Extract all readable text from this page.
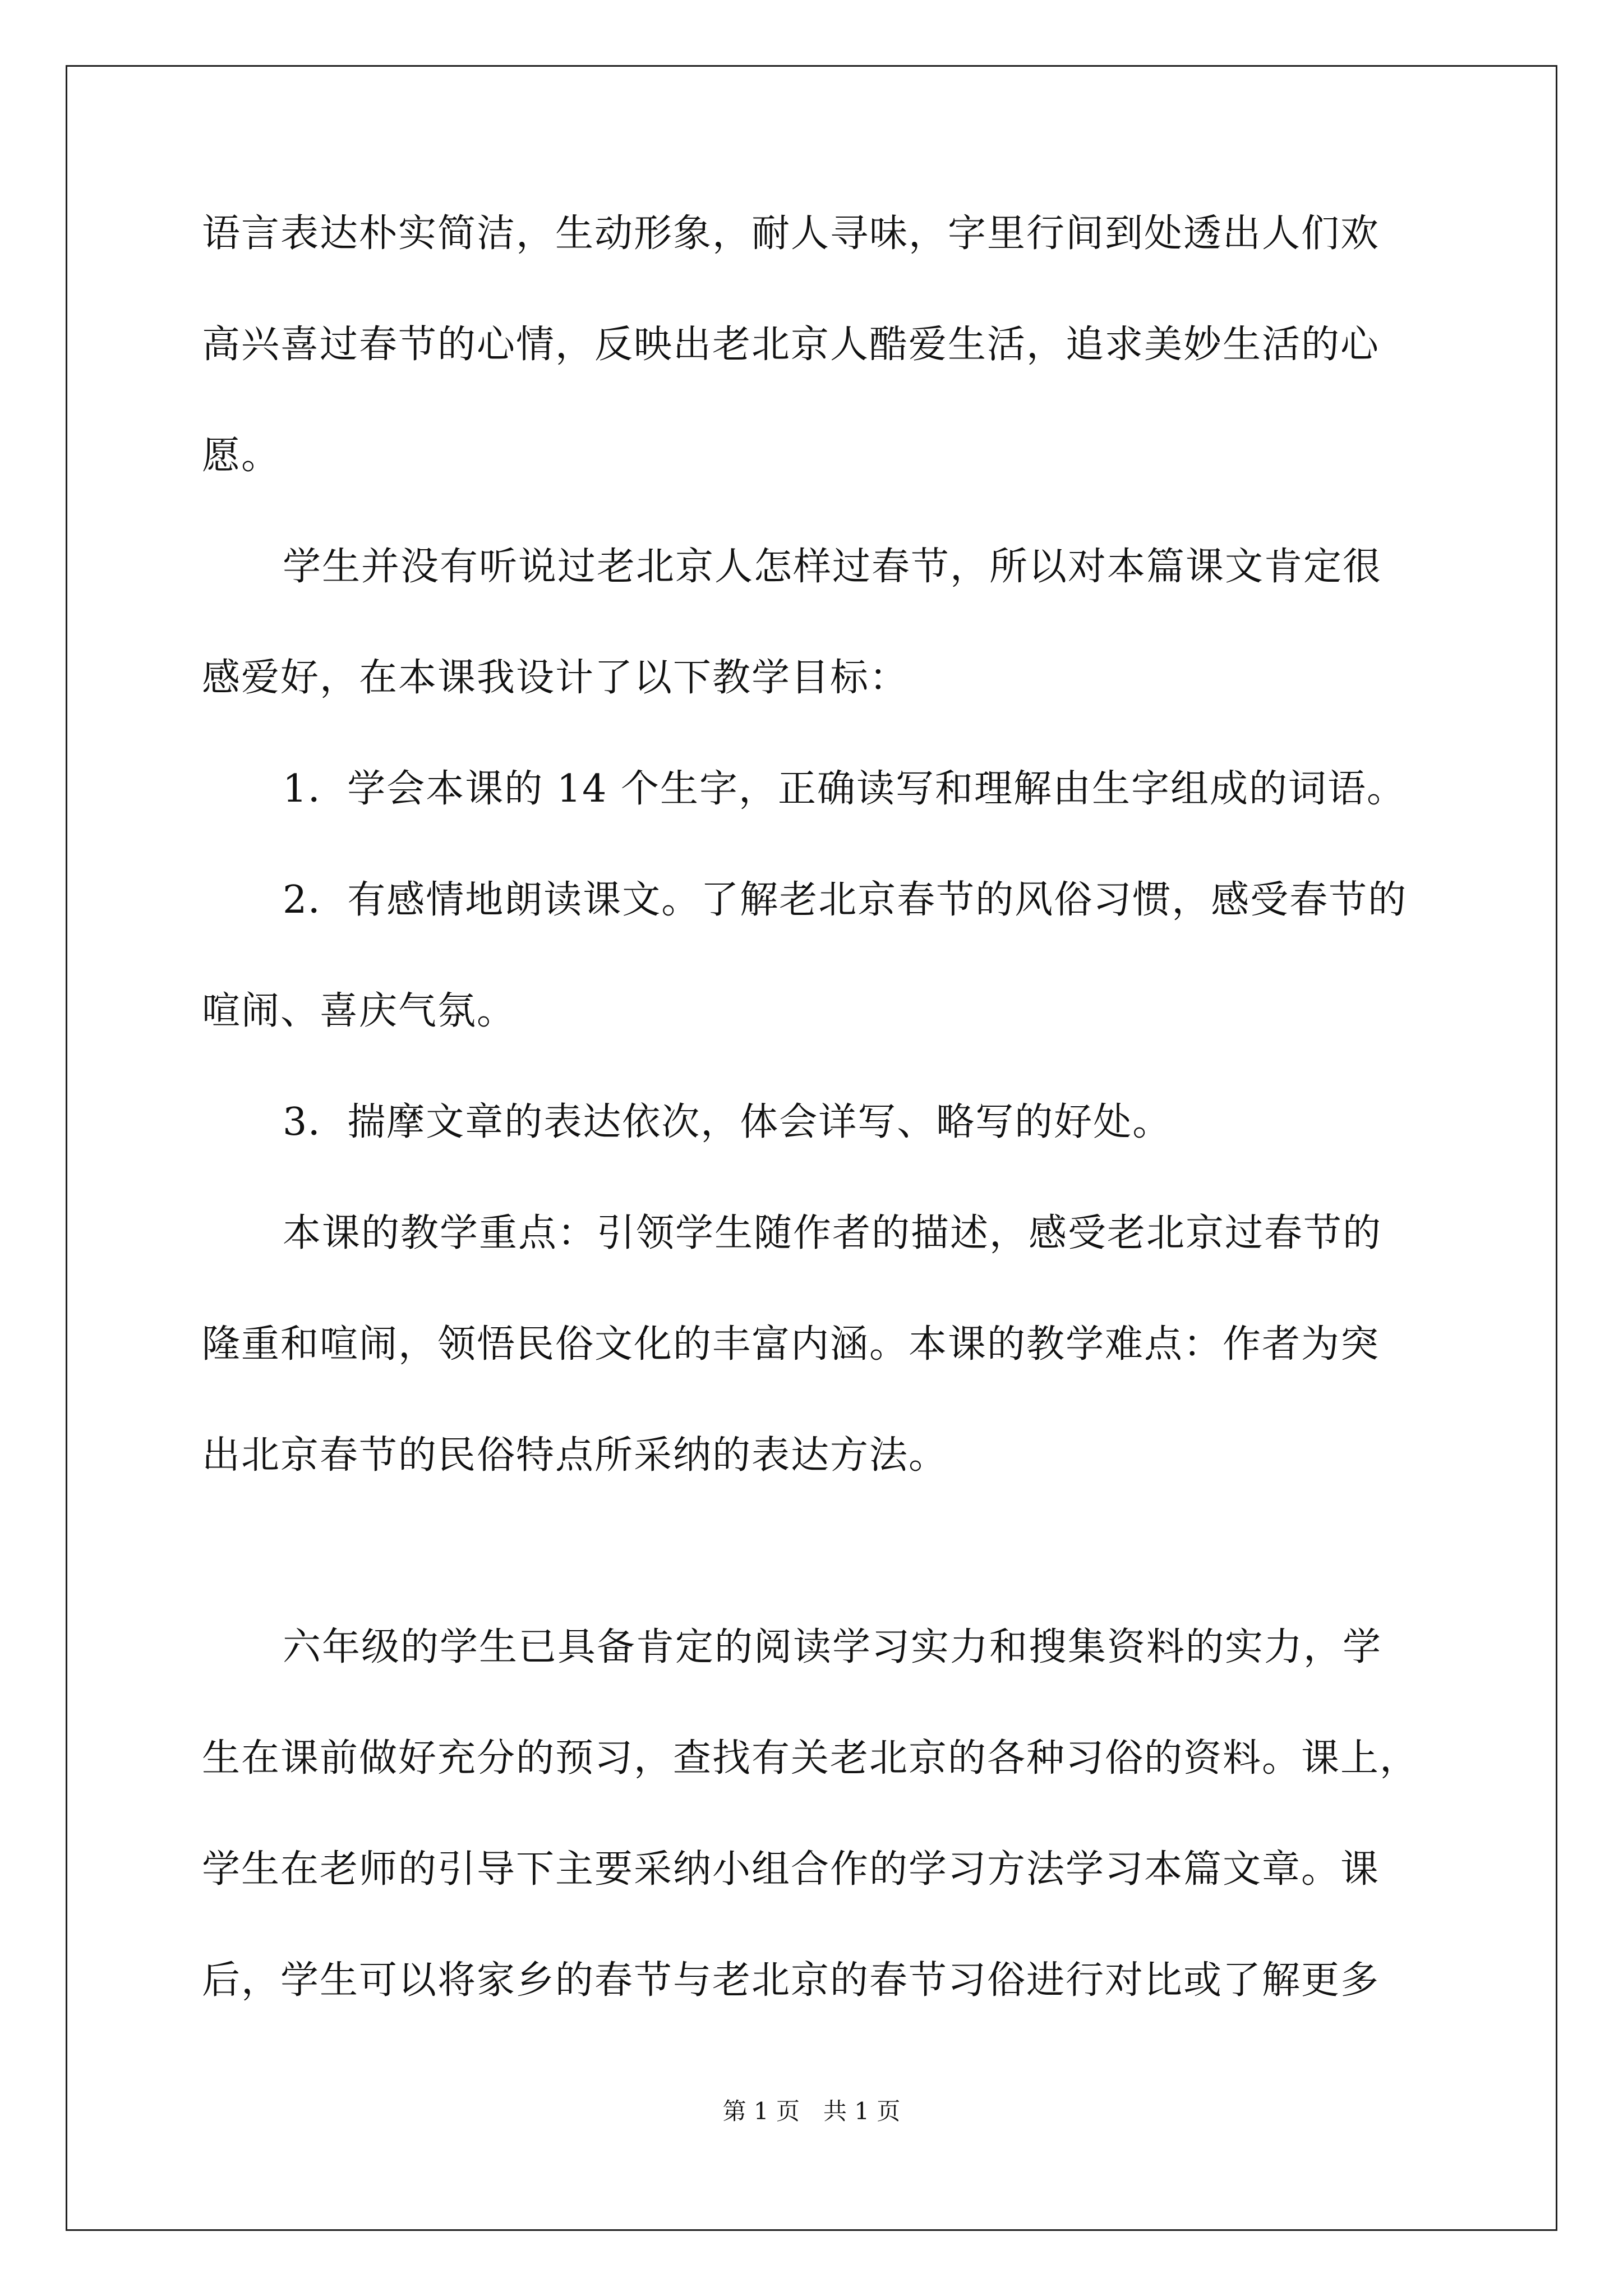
语言表达朴实简洁，生动形象，耐人寻味，字里行间到处透出人们欢
高兴喜过春节的心情，反映出老北京人酷爱生活，追求美妙生活的心
愿。
学生并没有听说过老北京人怎样过春节，所以对本篇课文肯定很
感爱好，在本课我设计了以下教学目标：
1．学会本课的 14 个生字，正确读写和理解由生字组成的词语。
2．有感情地朗读课文。了解老北京春节的风俗习惯，感受春节的
喧闹、喜庆气氛。
3．揣摩文章的表达依次，体会详写、略写的好处。
本课的教学重点：引领学生随作者的描述，感受老北京过春节的
隆重和喧闹，领悟民俗文化的丰富内涵。本课的教学难点：作者为突
出北京春节的民俗特点所采纳的表达方法。
六年级的学生已具备肯定的阅读学习实力和搜集资料的实力，学
生在课前做好充分的预习，查找有关老北京的各种习俗的资料。课上，
学生在老师的引导下主要采纳小组合作的学习方法学习本篇文章。课
后，学生可以将家乡的春节与老北京的春节习俗进行对比或了解更多
第 1 页　共 1 页
